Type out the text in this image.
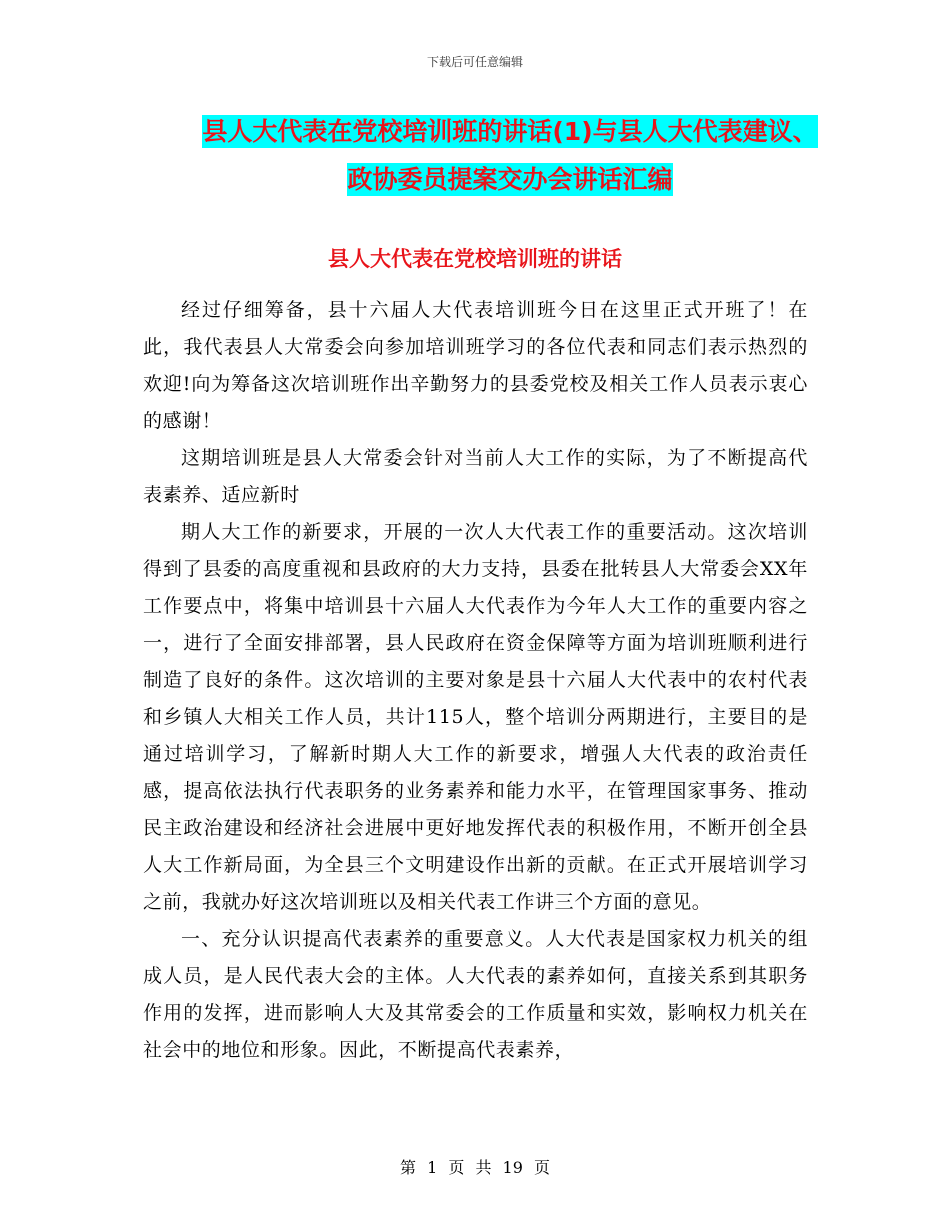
下载后可任意编辑
县人大代表在党校培训班的讲话(1)与县人大代表建议、
政协委员提案交办会讲话汇编
县人大代表在党校培训班的讲话

经过仔细筹备，县十六届人大代表培训班今日在这里正式开班了！在此，我代表县人大常委会向参加培训班学习的各位代表和同志们表示热烈的欢迎!向为筹备这次培训班作出辛勤努力的县委党校及相关工作人员表示衷心的感谢！

这期培训班是县人大常委会针对当前人大工作的实际，为了不断提高代表素养、适应新时

期人大工作的新要求，开展的一次人大代表工作的重要活动。这次培训得到了县委的高度重视和县政府的大力支持，县委在批转县人大常委会XX年工作要点中，将集中培训县十六届人大代表作为今年人大工作的重要内容之一，进行了全面安排部署，县人民政府在资金保障等方面为培训班顺利进行制造了良好的条件。这次培训的主要对象是县十六届人大代表中的农村代表和乡镇人大相关工作人员，共计115人，整个培训分两期进行，主要目的是通过培训学习，了解新时期人大工作的新要求，增强人大代表的政治责任感，提高依法执行代表职务的业务素养和能力水平，在管理国家事务、推动民主政治建设和经济社会进展中更好地发挥代表的积极作用，不断开创全县人大工作新局面，为全县三个文明建设作出新的贡献。在正式开展培训学习之前，我就办好这次培训班以及相关代表工作讲三个方面的意见。

一、充分认识提高代表素养的重要意义。人大代表是国家权力机关的组成人员，是人民代表大会的主体。人大代表的素养如何，直接关系到其职务作用的发挥，进而影响人大及其常委会的工作质量和实效，影响权力机关在社会中的地位和形象。因此，不断提高代表素养，

第 1 页 共 19 页
